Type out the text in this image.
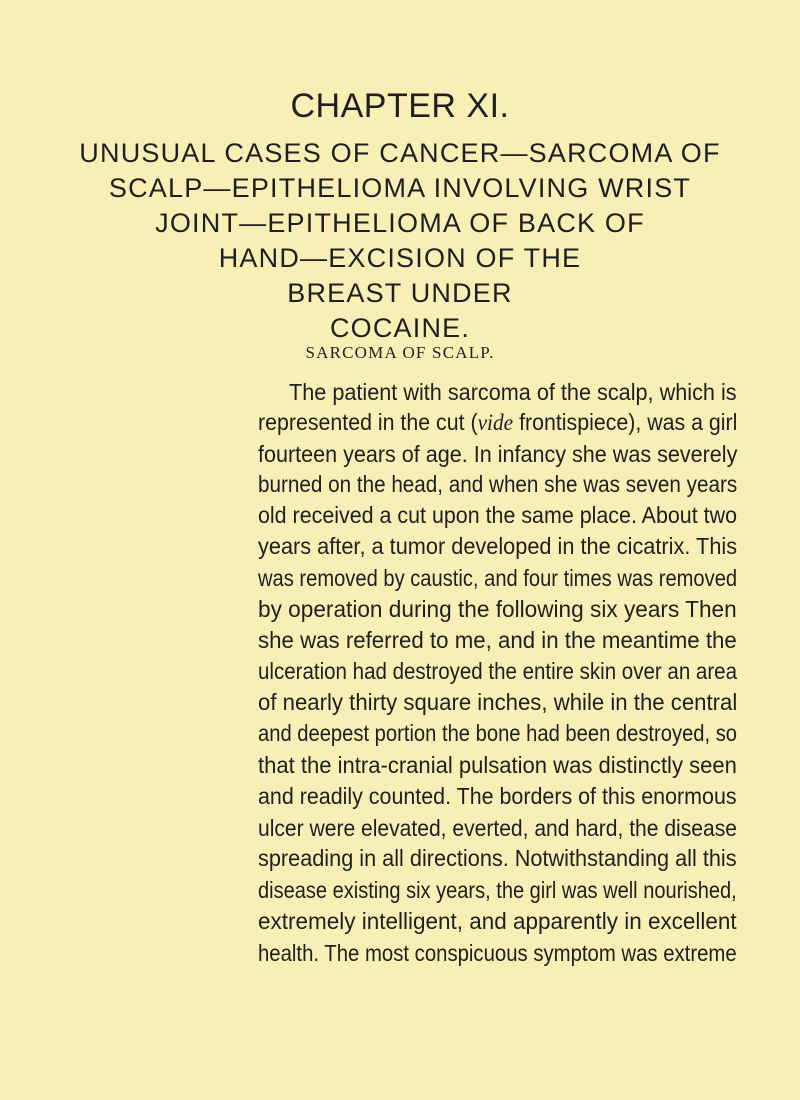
CHAPTER XI.
UNUSUAL CASES OF CANCER—SARCOMA OF
SCALP—EPITHELIOMA INVOLVING WRIST
JOINT—EPITHELIOMA OF BACK OF
HAND—EXCISION OF THE
BREAST UNDER
COCAINE.
SARCOMA OF SCALP.
The patient with sarcoma of the scalp, which is
represented in the cut (vide frontispiece), was a girl
fourteen years of age. In infancy she was severely
burned on the head, and when she was seven years
old received a cut upon the same place. About two
years after, a tumor developed in the cicatrix. This
was removed by caustic, and four times was removed
by operation during the following six years Then
she was referred to me, and in the meantime the
ulceration had destroyed the entire skin over an area
of nearly thirty square inches, while in the central
and deepest portion the bone had been destroyed, so
that the intra-cranial pulsation was distinctly seen
and readily counted. The borders of this enormous
ulcer were elevated, everted, and hard, the disease
spreading in all directions. Notwithstanding all this
disease existing six years, the girl was well nourished,
extremely intelligent, and apparently in excellent
health. The most conspicuous symptom was extreme
